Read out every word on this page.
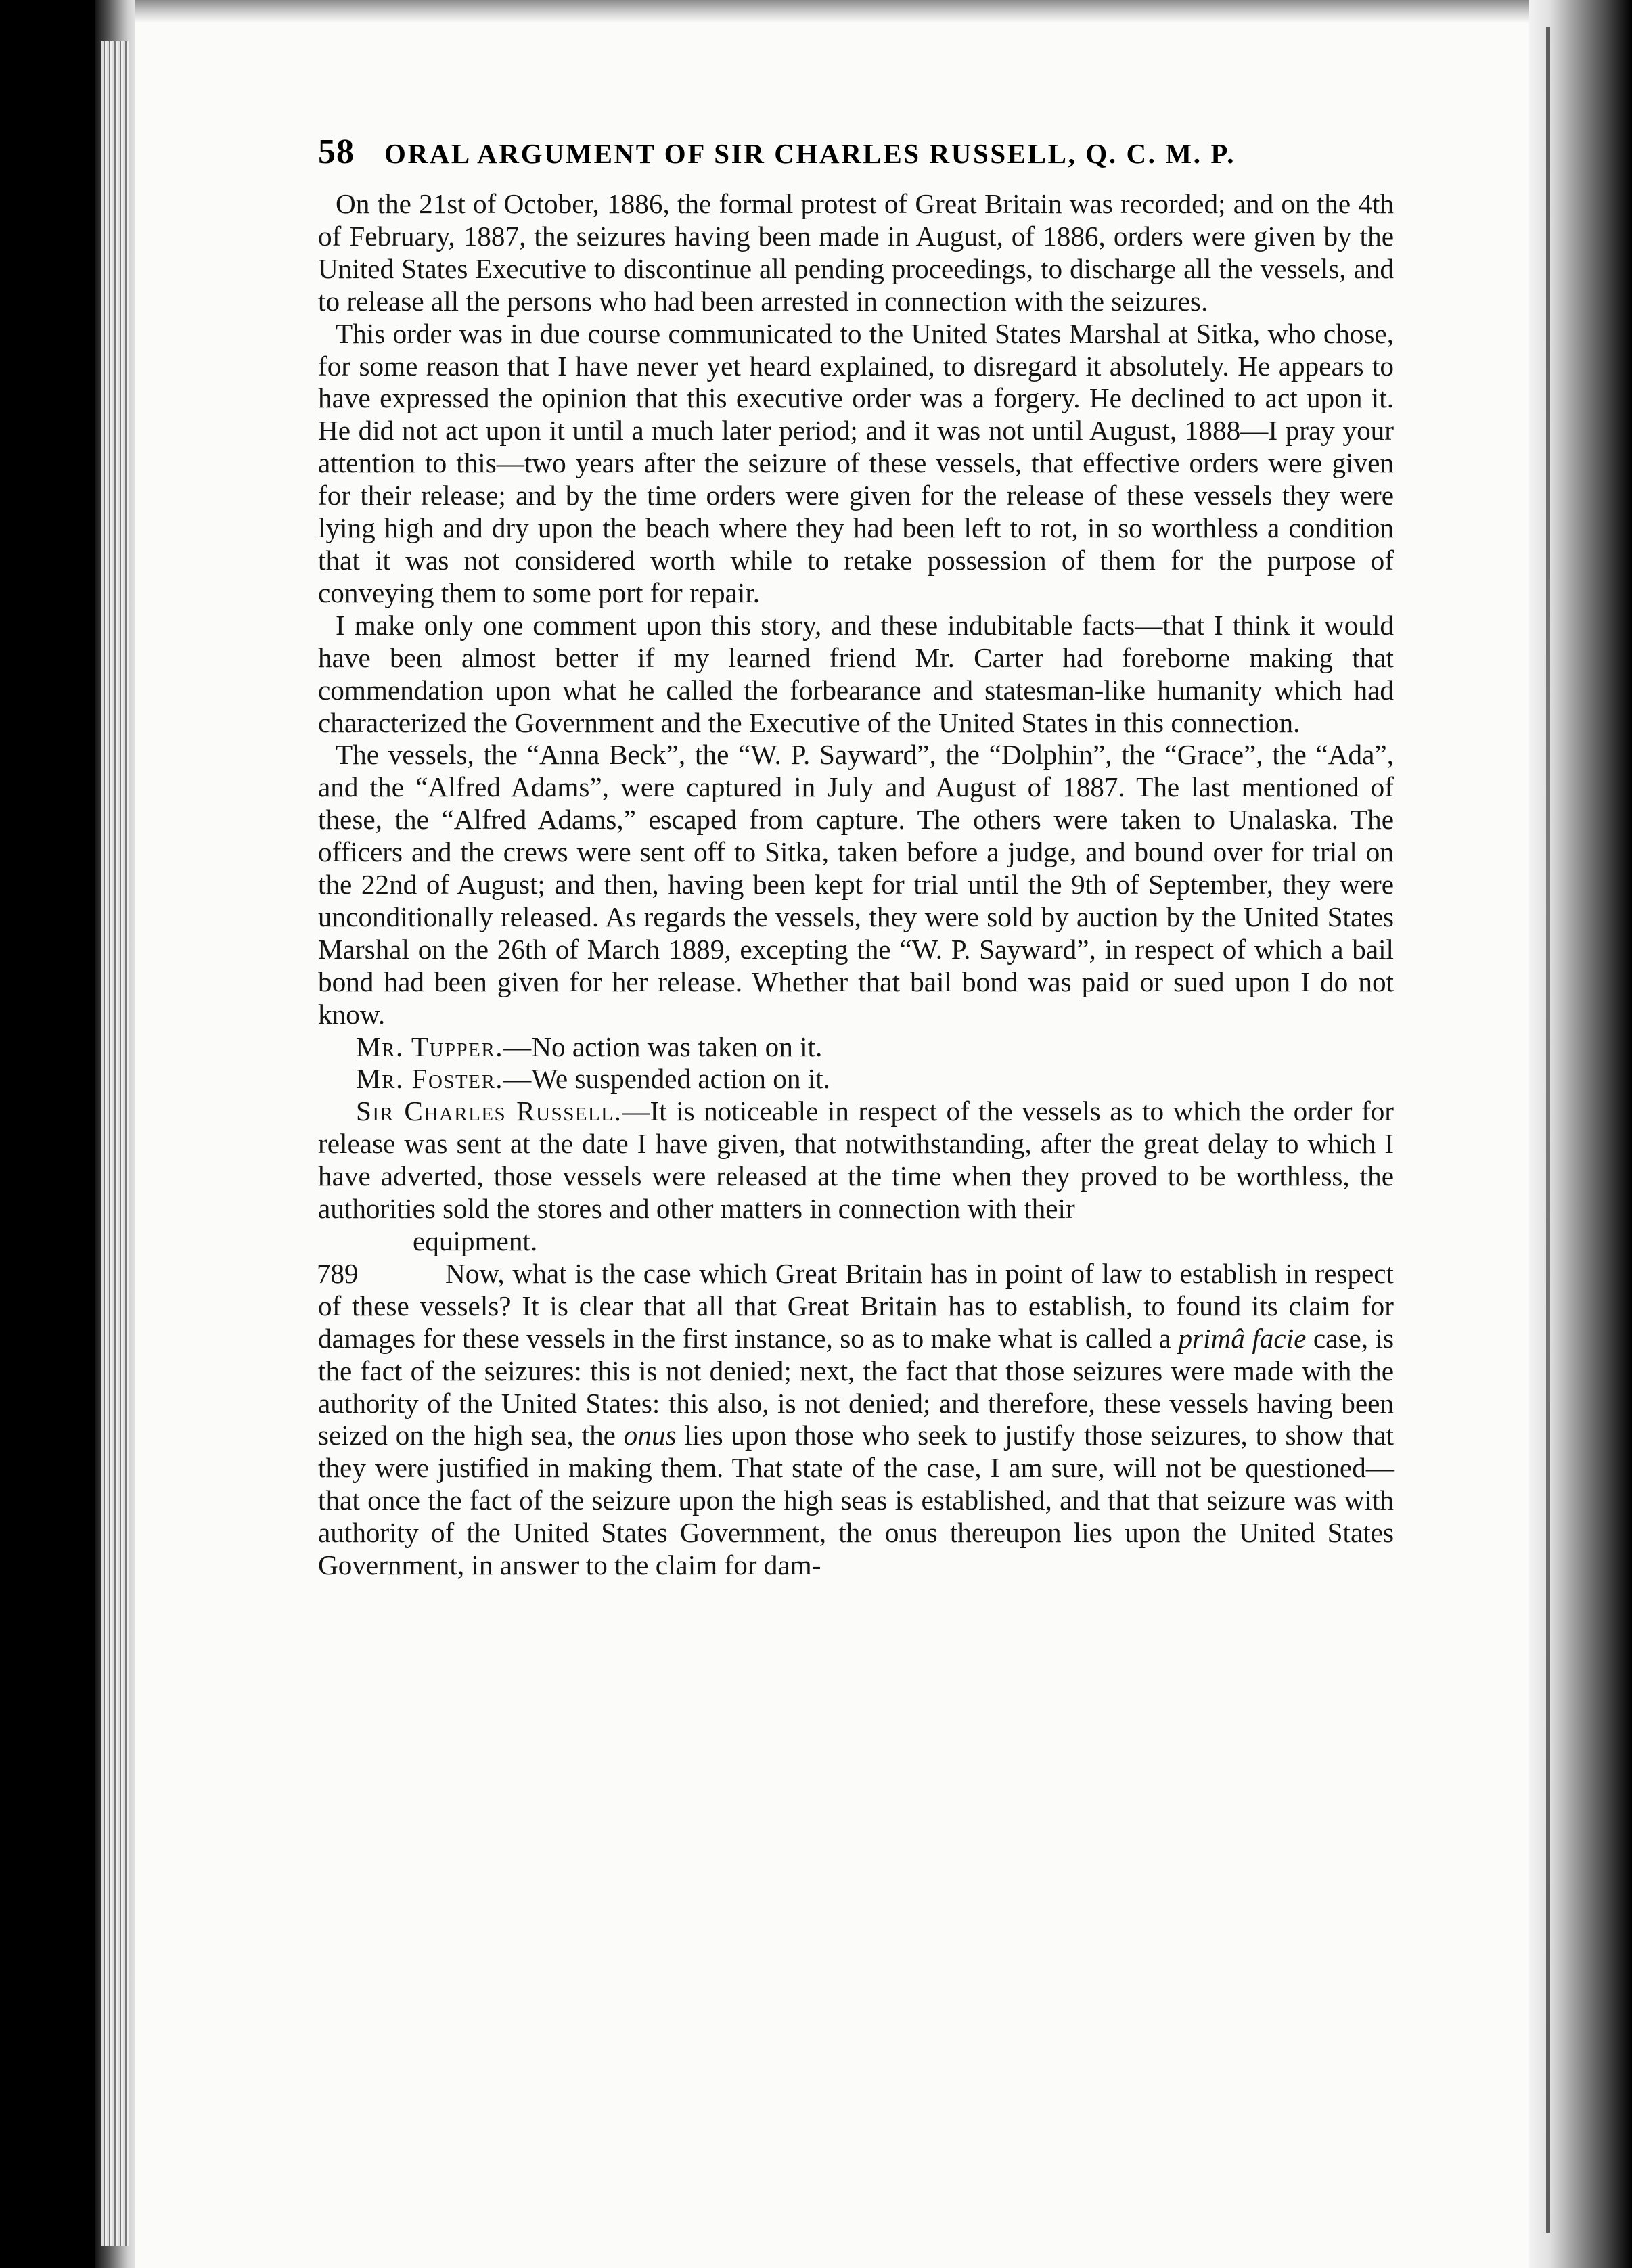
58 ORAL ARGUMENT OF SIR CHARLES RUSSELL, Q. C. M. P.

On the 21st of October, 1886, the formal protest of Great Britain was recorded; and on the 4th of February, 1887, the seizures having been made in August, of 1886, orders were given by the United States Executive to discontinue all pending proceedings, to discharge all the vessels, and to release all the persons who had been arrested in connection with the seizures.

This order was in due course communicated to the United States Marshal at Sitka, who chose, for some reason that I have never yet heard explained, to disregard it absolutely. He appears to have expressed the opinion that this executive order was a forgery. He declined to act upon it. He did not act upon it until a much later period; and it was not until August, 1888—I pray your attention to this—two years after the seizure of these vessels, that effective orders were given for their release; and by the time orders were given for the release of these vessels they were lying high and dry upon the beach where they had been left to rot, in so worthless a condition that it was not considered worth while to retake possession of them for the purpose of conveying them to some port for repair.

I make only one comment upon this story, and these indubitable facts—that I think it would have been almost better if my learned friend Mr. Carter had foreborne making that commendation upon what he called the forbearance and statesman-like humanity which had characterized the Government and the Executive of the United States in this connection.

The vessels, the “Anna Beck”, the “W. P. Sayward”, the “Dolphin”, the “Grace”, the “Ada”, and the “Alfred Adams”, were captured in July and August of 1887. The last mentioned of these, the “Alfred Adams,” escaped from capture. The others were taken to Unalaska. The officers and the crews were sent off to Sitka, taken before a judge, and bound over for trial on the 22nd of August; and then, having been kept for trial until the 9th of September, they were unconditionally released. As regards the vessels, they were sold by auction by the United States Marshal on the 26th of March 1889, excepting the “W. P. Sayward”, in respect of which a bail bond had been given for her release. Whether that bail bond was paid or sued upon I do not know.

Mr. Tupper.—No action was taken on it.

Mr. Foster.—We suspended action on it.

Sir Charles Russell.—It is noticeable in respect of the vessels as to which the order for release was sent at the date I have given, that notwithstanding, after the great delay to which I have adverted, those vessels were released at the time when they proved to be worthless, the authorities sold the stores and other matters in connection with their

equipment.

789	Now, what is the case which Great Britain has in point of law to establish in respect of these vessels? It is clear that all that Great Britain has to establish, to found its claim for damages for these vessels in the first instance, so as to make what is called a primâ facie case, is the fact of the seizures: this is not denied; next, the fact that those seizures were made with the authority of the United States: this also, is not denied; and therefore, these vessels having been seized on the high sea, the onus lies upon those who seek to justify those seizures, to show that they were justified in making them. That state of the case, I am sure, will not be questioned—that once the fact of the seizure upon the high seas is established, and that that seizure was with authority of the United States Government, the onus thereupon lies upon the United States Government, in answer to the claim for dam-
